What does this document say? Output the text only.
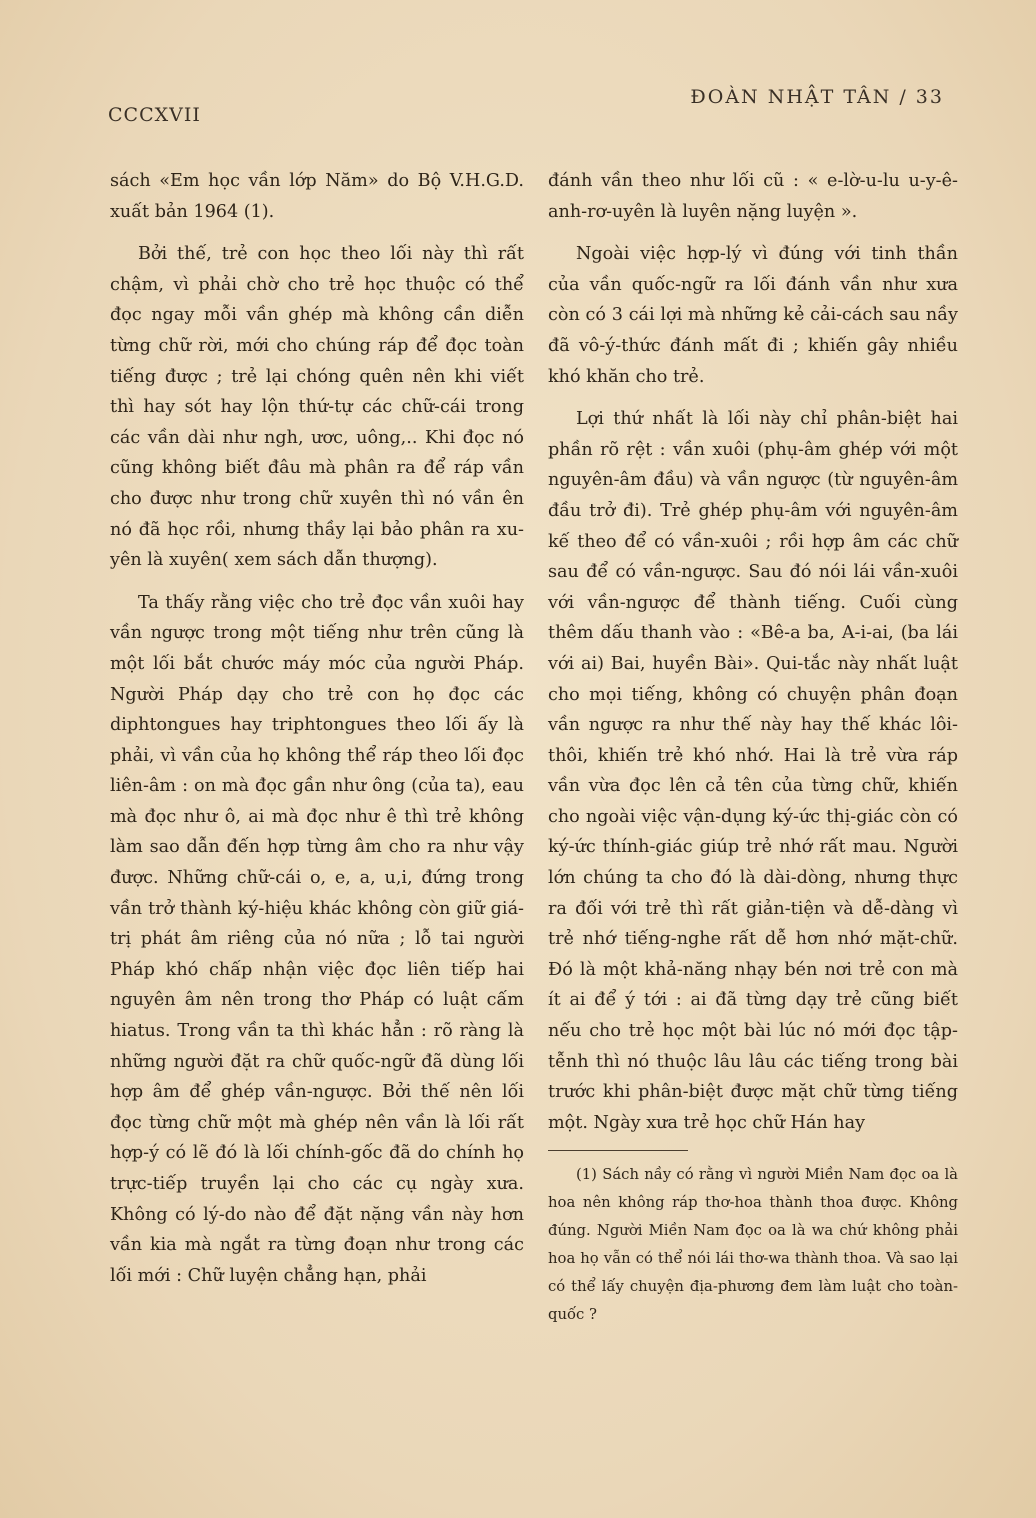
CCCXVII
ĐOÀN NHẬT TÂN / 33

sách «Em học vần lớp Năm» do Bộ V.H.G.D. xuất bản 1964 (1).

Bởi thế, trẻ con học theo lối này thì rất chậm, vì phải chờ cho trẻ học thuộc có thể đọc ngay mỗi vần ghép mà không cần diễn từng chữ rời, mới cho chúng ráp để đọc toàn tiếng được ; trẻ lại chóng quên nên khi viết thì hay sót hay lộn thứ-tự các chữ-cái trong các vần dài như ngh, ươc, uông,.. Khi đọc nó cũng không biết đâu mà phân ra để ráp vần cho được như trong chữ xuyên thì nó vần ên nó đã học rồi, nhưng thầy lại bảo phân ra xu-yên là xuyên( xem sách dẫn thượng).

Ta thấy rằng việc cho trẻ đọc vần xuôi hay vần ngược trong một tiếng như trên cũng là một lối bắt chước máy móc của người Pháp. Người Pháp dạy cho trẻ con họ đọc các diphtongues hay triphtongues theo lối ấy là phải, vì vần của họ không thể ráp theo lối đọc liên-âm : on mà đọc gần như ông (của ta), eau mà đọc như ô, ai mà đọc như ê thì trẻ không làm sao dẫn đến hợp từng âm cho ra như vậy được. Những chữ-cái o, e, a, u,i, đứng trong vần trở thành ký-hiệu khác không còn giữ giá-trị phát âm riêng của nó nữa ; lỗ tai người Pháp khó chấp nhận việc đọc liên tiếp hai nguyên âm nên trong thơ Pháp có luật cấm hiatus. Trong vần ta thì khác hẳn : rõ ràng là những người đặt ra chữ quốc-ngữ đã dùng lối hợp âm để ghép vần-ngược. Bởi thế nên lối đọc từng chữ một mà ghép nên vần là lối rất hợp-ý có lẽ đó là lối chính-gốc đã do chính họ trực-tiếp truyền lại cho các cụ ngày xưa. Không có lý-do nào để đặt nặng vần này hơn vần kia mà ngắt ra từng đoạn như trong các lối mới : Chữ luyện chẳng hạn, phải

đánh vần theo như lối cũ : « e-lờ-u-lu u-y-ê-anh-rơ-uyên là luyên nặng luyện ».

Ngoài việc hợp-lý vì đúng với tinh thần của vần quốc-ngữ ra lối đánh vần như xưa còn có 3 cái lợi mà những kẻ cải-cách sau nầy đã vô-ý-thức đánh mất đi ; khiến gây nhiều khó khăn cho trẻ.

Lợi thứ nhất là lối này chỉ phân-biệt hai phần rõ rệt : vần xuôi (phụ-âm ghép với một nguyên-âm đầu) và vần ngược (từ nguyên-âm đầu trở đi). Trẻ ghép phụ-âm với nguyên-âm kế theo để có vần-xuôi ; rồi hợp âm các chữ sau để có vần-ngược. Sau đó nói lái vần-xuôi với vần-ngược để thành tiếng. Cuối cùng thêm dấu thanh vào : «Bê-a ba, A-i-ai, (ba lái với ai) Bai, huyền Bài». Qui-tắc này nhất luật cho mọi tiếng, không có chuyện phân đoạn vần ngược ra như thế này hay thế khác lôi-thôi, khiến trẻ khó nhớ. Hai là trẻ vừa ráp vần vừa đọc lên cả tên của từng chữ, khiến cho ngoài việc vận-dụng ký-ức thị-giác còn có ký-ức thính-giác giúp trẻ nhớ rất mau. Người lớn chúng ta cho đó là dài-dòng, nhưng thực ra đối với trẻ thì rất giản-tiện và dễ-dàng vì trẻ nhớ tiếng-nghe rất dễ hơn nhớ mặt-chữ. Đó là một khả-năng nhạy bén nơi trẻ con mà ít ai để ý tới : ai đã từng dạy trẻ cũng biết nếu cho trẻ học một bài lúc nó mới đọc tập-tễnh thì nó thuộc lâu lâu các tiếng trong bài trước khi phân-biệt được mặt chữ từng tiếng một. Ngày xưa trẻ học chữ Hán hay

(1) Sách nầy có rằng vì người Miền Nam đọc oa là hoa nên không ráp thơ-hoa thành thoa được. Không đúng. Người Miền Nam đọc oa là wa chứ không phải hoa họ vẫn có thể nói lái thơ-wa thành thoa. Và sao lại có thể lấy chuyện địa-phương đem làm luật cho toàn-quốc ?
